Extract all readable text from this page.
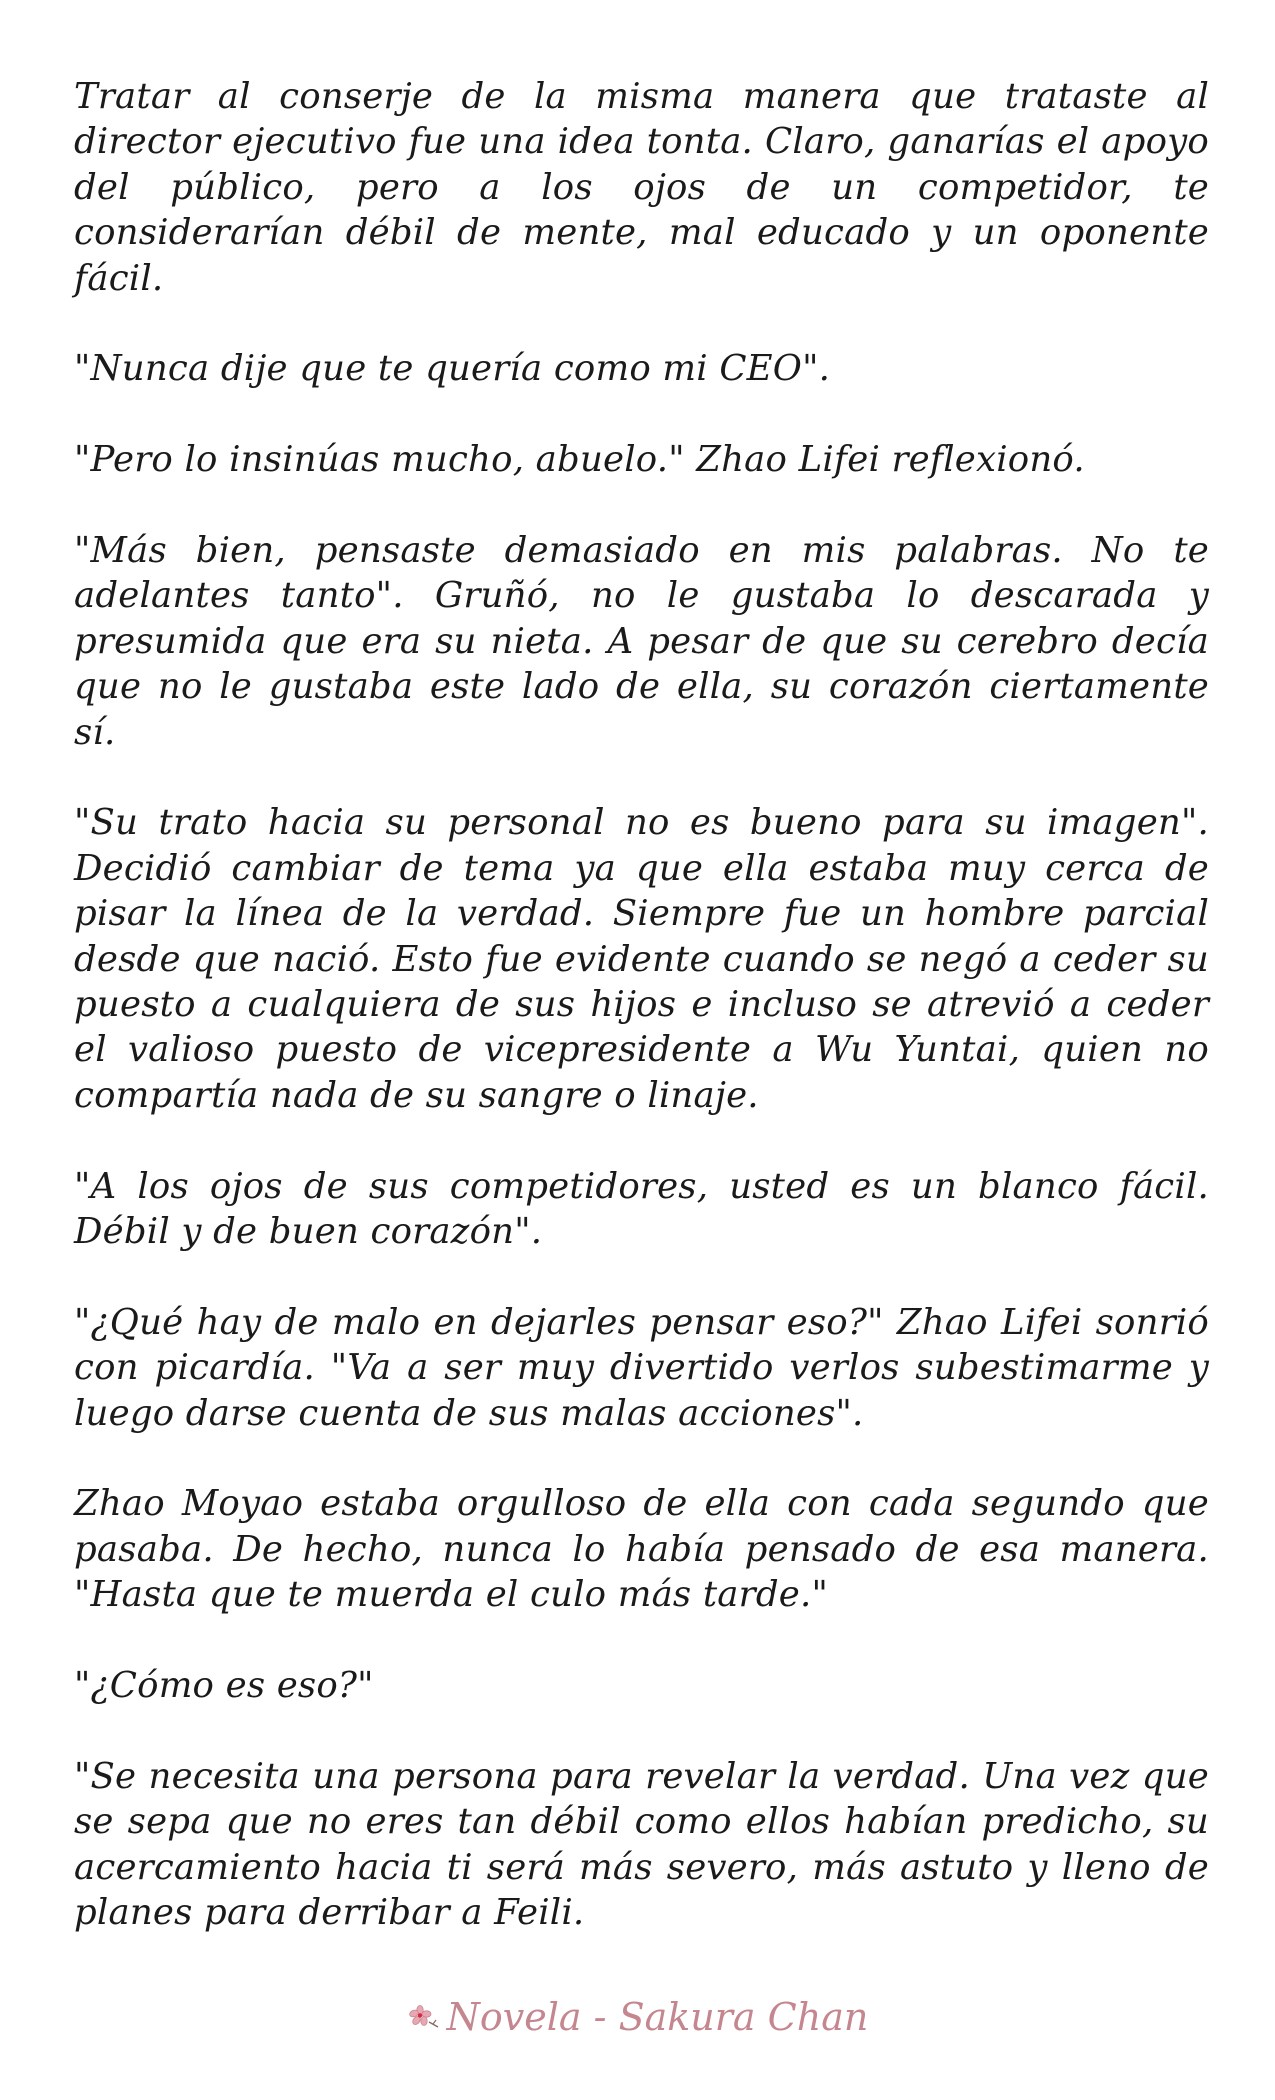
Tratar al conserje de la misma manera que trataste al director ejecutivo fue una idea tonta. Claro, ganarías el apoyo del público, pero a los ojos de un competidor, te considerarían débil de mente, mal educado y un oponente fácil.

"Nunca dije que te quería como mi CEO".

"Pero lo insinúas mucho, abuelo." Zhao Lifei reflexionó.

"Más bien, pensaste demasiado en mis palabras. No te adelantes tanto". Gruñó, no le gustaba lo descarada y presumida que era su nieta. A pesar de que su cerebro decía que no le gustaba este lado de ella, su corazón ciertamente sí.

"Su trato hacia su personal no es bueno para su imagen". Decidió cambiar de tema ya que ella estaba muy cerca de pisar la línea de la verdad. Siempre fue un hombre parcial desde que nació. Esto fue evidente cuando se negó a ceder su puesto a cualquiera de sus hijos e incluso se atrevió a ceder el valioso puesto de vicepresidente a Wu Yuntai, quien no compartía nada de su sangre o linaje.

"A los ojos de sus competidores, usted es un blanco fácil. Débil y de buen corazón".

"¿Qué hay de malo en dejarles pensar eso?" Zhao Lifei sonrió con picardía. "Va a ser muy divertido verlos subestimarme y luego darse cuenta de sus malas acciones".

Zhao Moyao estaba orgulloso de ella con cada segundo que pasaba. De hecho, nunca lo había pensado de esa manera. "Hasta que te muerda el culo más tarde."

"¿Cómo es eso?"

"Se necesita una persona para revelar la verdad. Una vez que se sepa que no eres tan débil como ellos habían predicho, su acercamiento hacia ti será más severo, más astuto y lleno de planes para derribar a Feili.

Novela - Sakura Chan
